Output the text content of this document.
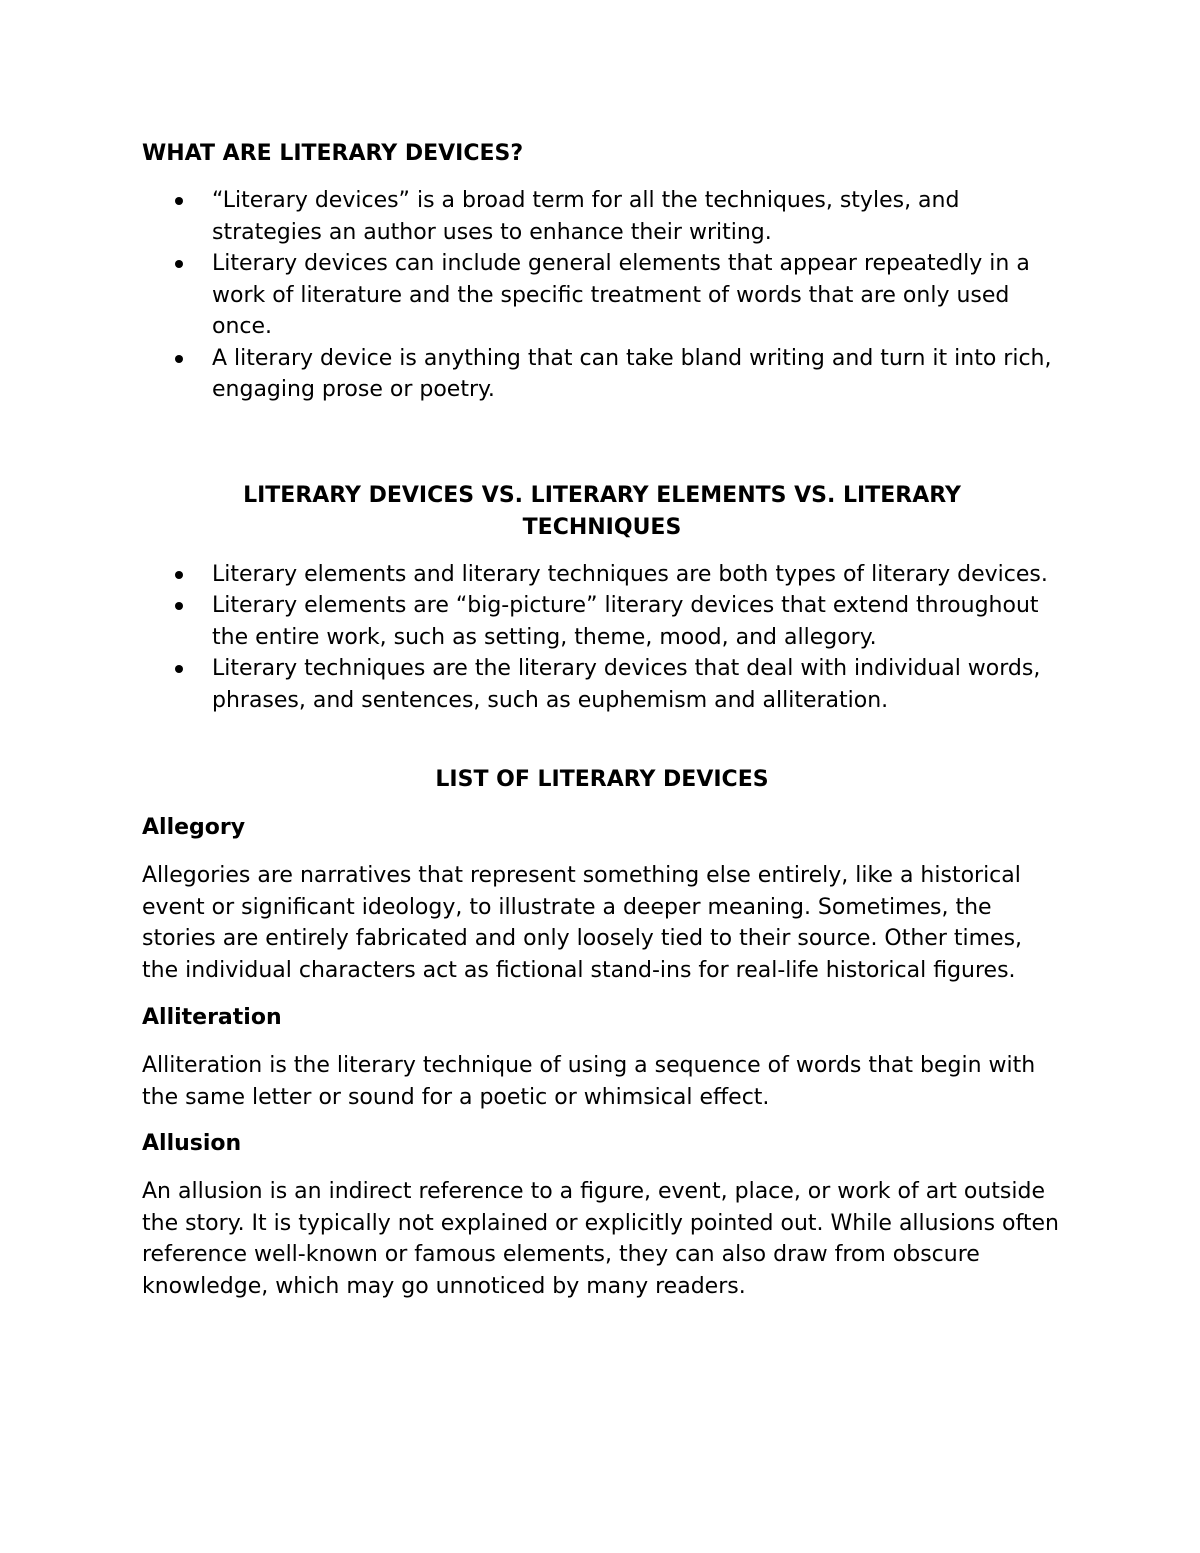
WHAT ARE LITERARY DEVICES?
“Literary devices” is a broad term for all the techniques, styles, and strategies an author uses to enhance their writing.
Literary devices can include general elements that appear repeatedly in a work of literature and the specific treatment of words that are only used once.
A literary device is anything that can take bland writing and turn it into rich, engaging prose or poetry.
LITERARY DEVICES VS. LITERARY ELEMENTS VS. LITERARY TECHNIQUES
Literary elements and literary techniques are both types of literary devices.
Literary elements are “big-picture” literary devices that extend throughout the entire work, such as setting, theme, mood, and allegory.
Literary techniques are the literary devices that deal with individual words, phrases, and sentences, such as euphemism and alliteration.
LIST OF LITERARY DEVICES
Allegory

Allegories are narratives that represent something else entirely, like a historical event or significant ideology, to illustrate a deeper meaning. Sometimes, the stories are entirely fabricated and only loosely tied to their source. Other times, the individual characters act as fictional stand-ins for real-life historical figures.

Alliteration

Alliteration is the literary technique of using a sequence of words that begin with the same letter or sound for a poetic or whimsical effect.

Allusion

An allusion is an indirect reference to a figure, event, place, or work of art outside the story. It is typically not explained or explicitly pointed out. While allusions often reference well-known or famous elements, they can also draw from obscure knowledge, which may go unnoticed by many readers.
